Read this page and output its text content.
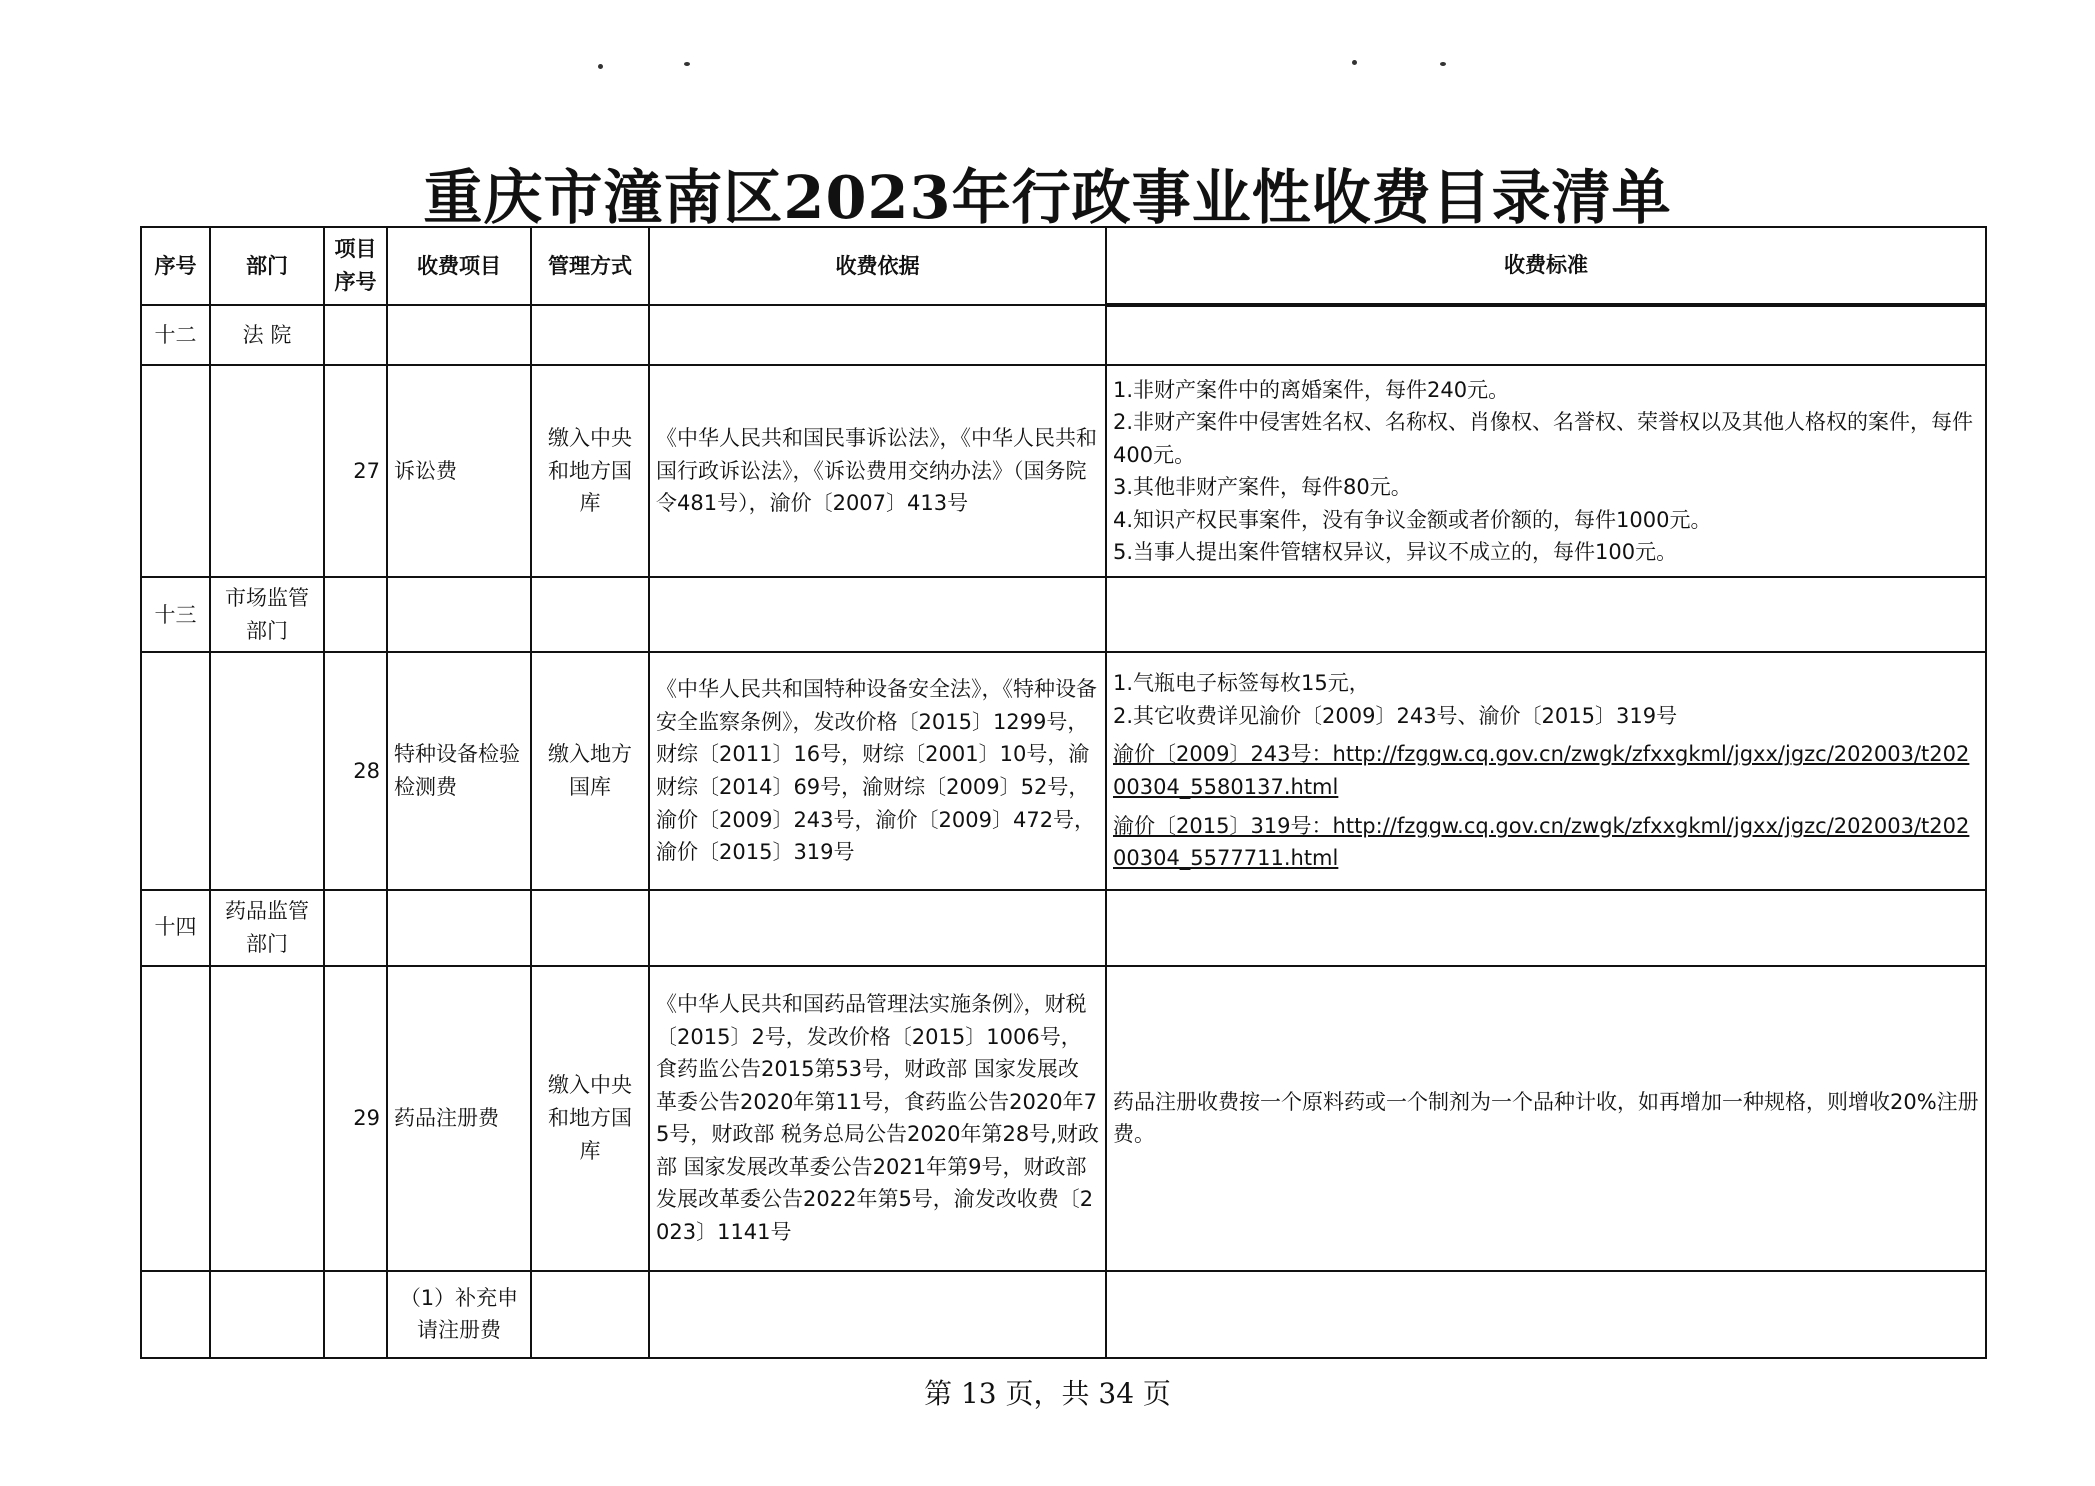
重庆市潼南区2023年行政事业性收费目录清单
序号	部门	项目序号	收费项目	管理方式	收费依据	收费标准
十二	法 院					
		27	诉讼费	缴入中央和地方国库	《中华人民共和国民事诉讼法》，《中华人民共和国行政诉讼法》，《诉讼费用交纳办法》（国务院令481号），渝价〔2007〕413号	1.非财产案件中的离婚案件，每件240元。
2.非财产案件中侵害姓名权、名称权、肖像权、名誉权、荣誉权以及其他人格权的案件，每件400元。
3.其他非财产案件，每件80元。
4.知识产权民事案件，没有争议金额或者价额的，每件1000元。
5.当事人提出案件管辖权异议，异议不成立的，每件100元。

十三	市场监管部门					
		28	特种设备检验检测费	缴入地方国库	《中华人民共和国特种设备安全法》，《特种设备安全监察条例》，发改价格〔2015〕1299号，财综〔2011〕16号，财综〔2001〕10号，渝财综〔2014〕69号，渝财综〔2009〕52号，渝价〔2009〕243号，渝价〔2009〕472号，渝价〔2015〕319号	1.气瓶电子标签每枚15元，
2.其它收费详见渝价〔2009〕243号、渝价〔2015〕319号
渝价〔2009〕243号：http://fzggw.cq.gov.cn/zwgk/zfxxgkml/jgxx/jgzc/202003/t20200304_5580137.html
渝价〔2015〕319号：http://fzggw.cq.gov.cn/zwgk/zfxxgkml/jgxx/jgzc/202003/t20200304_5577711.html

十四	药品监管部门					
		29	药品注册费	缴入中央和地方国库	《中华人民共和国药品管理法实施条例》，财税〔2015〕2号，发改价格〔2015〕1006号，食药监公告2015第53号，财政部 国家发展改革委公告2020年第11号，食药监公告2020年75号，财政部 税务总局公告2020年第28号,财政部 国家发展改革委公告2021年第9号，财政部 发展改革委公告2022年第5号，渝发改收费〔2023〕1141号	药品注册收费按一个原料药或一个制剂为一个品种计收，如再增加一种规格，则增收20%注册费。

			（1）补充申请注册费			
第 13 页，共 34 页
